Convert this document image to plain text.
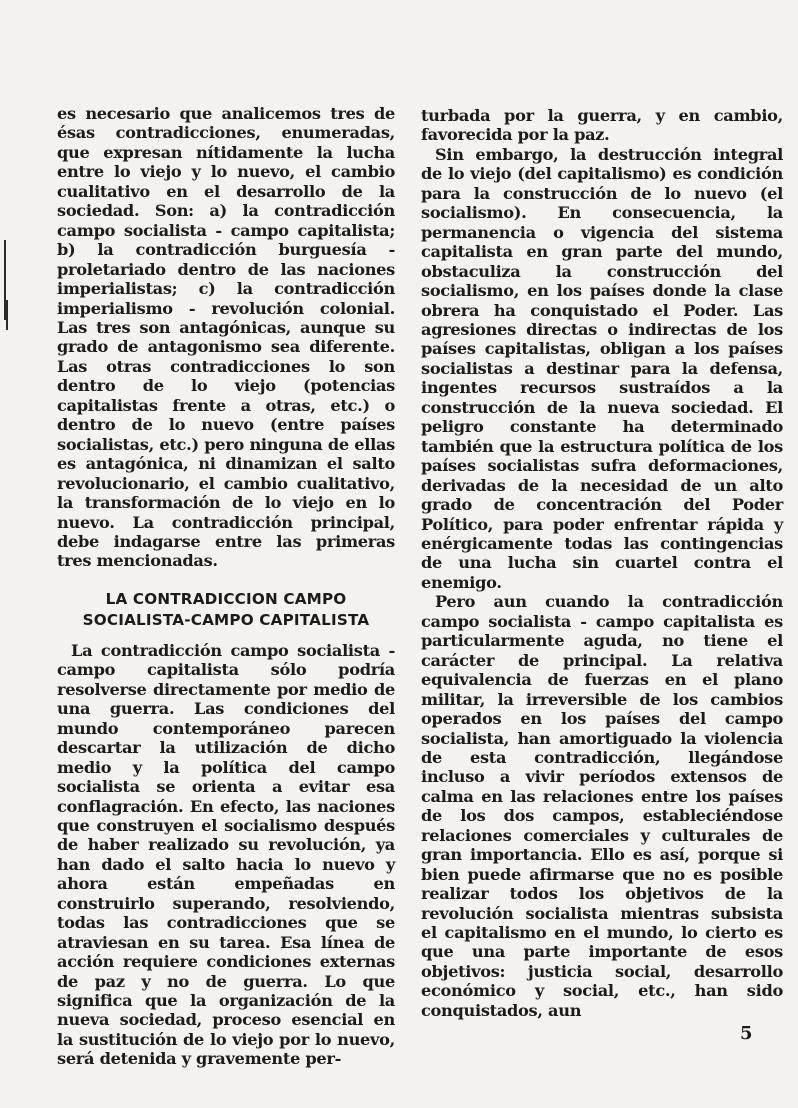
es necesario que analicemos tres de ésas contradicciones, enumeradas, que expresan nítidamente la lucha entre lo viejo y lo nuevo, el cambio cualitativo en el desarrollo de la sociedad. Son: a) la contradicción campo socialista - campo capitalista; b) la contradicción burguesía - proletariado dentro de las naciones imperialistas; c) la contradicción imperialismo - revolución colonial. Las tres son antagónicas, aunque su grado de antagonismo sea diferente. Las otras contradicciones lo son dentro de lo viejo (potencias capitalistas frente a otras, etc.) o dentro de lo nuevo (entre países socialistas, etc.) pero ninguna de ellas es antagónica, ni dinamizan el salto revolucionario, el cambio cualitativo, la transformación de lo viejo en lo nuevo. La contradicción principal, debe indagarse entre las primeras tres mencionadas.

LA CONTRADICCION CAMPO
SOCIALISTA-CAMPO CAPITALISTA

La contradicción campo socialista - campo capitalista sólo podría resolverse directamente por medio de una guerra. Las condiciones del mundo contemporáneo parecen descartar la utilización de dicho medio y la política del campo socialista se orienta a evitar esa conflagración. En efecto, las naciones que construyen el socialismo después de haber realizado su revolución, ya han dado el salto hacia lo nuevo y ahora están empeñadas en construirlo superando, resolviendo, todas las contradicciones que se atraviesan en su tarea. Esa línea de acción requiere condiciones externas de paz y no de guerra. Lo que significa que la organización de la nueva sociedad, proceso esencial en la sustitución de lo viejo por lo nuevo, será detenida y gravemente per-

turbada por la guerra, y en cambio, favorecida por la paz.

Sin embargo, la destrucción integral de lo viejo (del capitalismo) es condición para la construcción de lo nuevo (el socialismo). En consecuencia, la permanencia o vigencia del sistema capitalista en gran parte del mundo, obstaculiza la construcción del socialismo, en los países donde la clase obrera ha conquistado el Poder. Las agresiones directas o indirectas de los países capitalistas, obligan a los países socialistas a destinar para la defensa, ingentes recursos sustraídos a la construcción de la nueva sociedad. El peligro constante ha determinado también que la estructura política de los países socialistas sufra deformaciones, derivadas de la necesidad de un alto grado de concentración del Poder Político, para poder enfrentar rápida y enérgicamente todas las contingencias de una lucha sin cuartel contra el enemigo.

Pero aun cuando la contradicción campo socialista - campo capitalista es particularmente aguda, no tiene el carácter de principal. La relativa equivalencia de fuerzas en el plano militar, la irreversible de los cambios operados en los países del campo socialista, han amortiguado la violencia de esta contradicción, llegándose incluso a vivir períodos extensos de calma en las relaciones entre los países de los dos campos, estableciéndose relaciones comerciales y culturales de gran importancia. Ello es así, porque si bien puede afirmarse que no es posible realizar todos los objetivos de la revolución socialista mientras subsista el capitalismo en el mundo, lo cierto es que una parte importante de esos objetivos: justicia social, desarrollo económico y social, etc., han sido conquistados, aun

5
